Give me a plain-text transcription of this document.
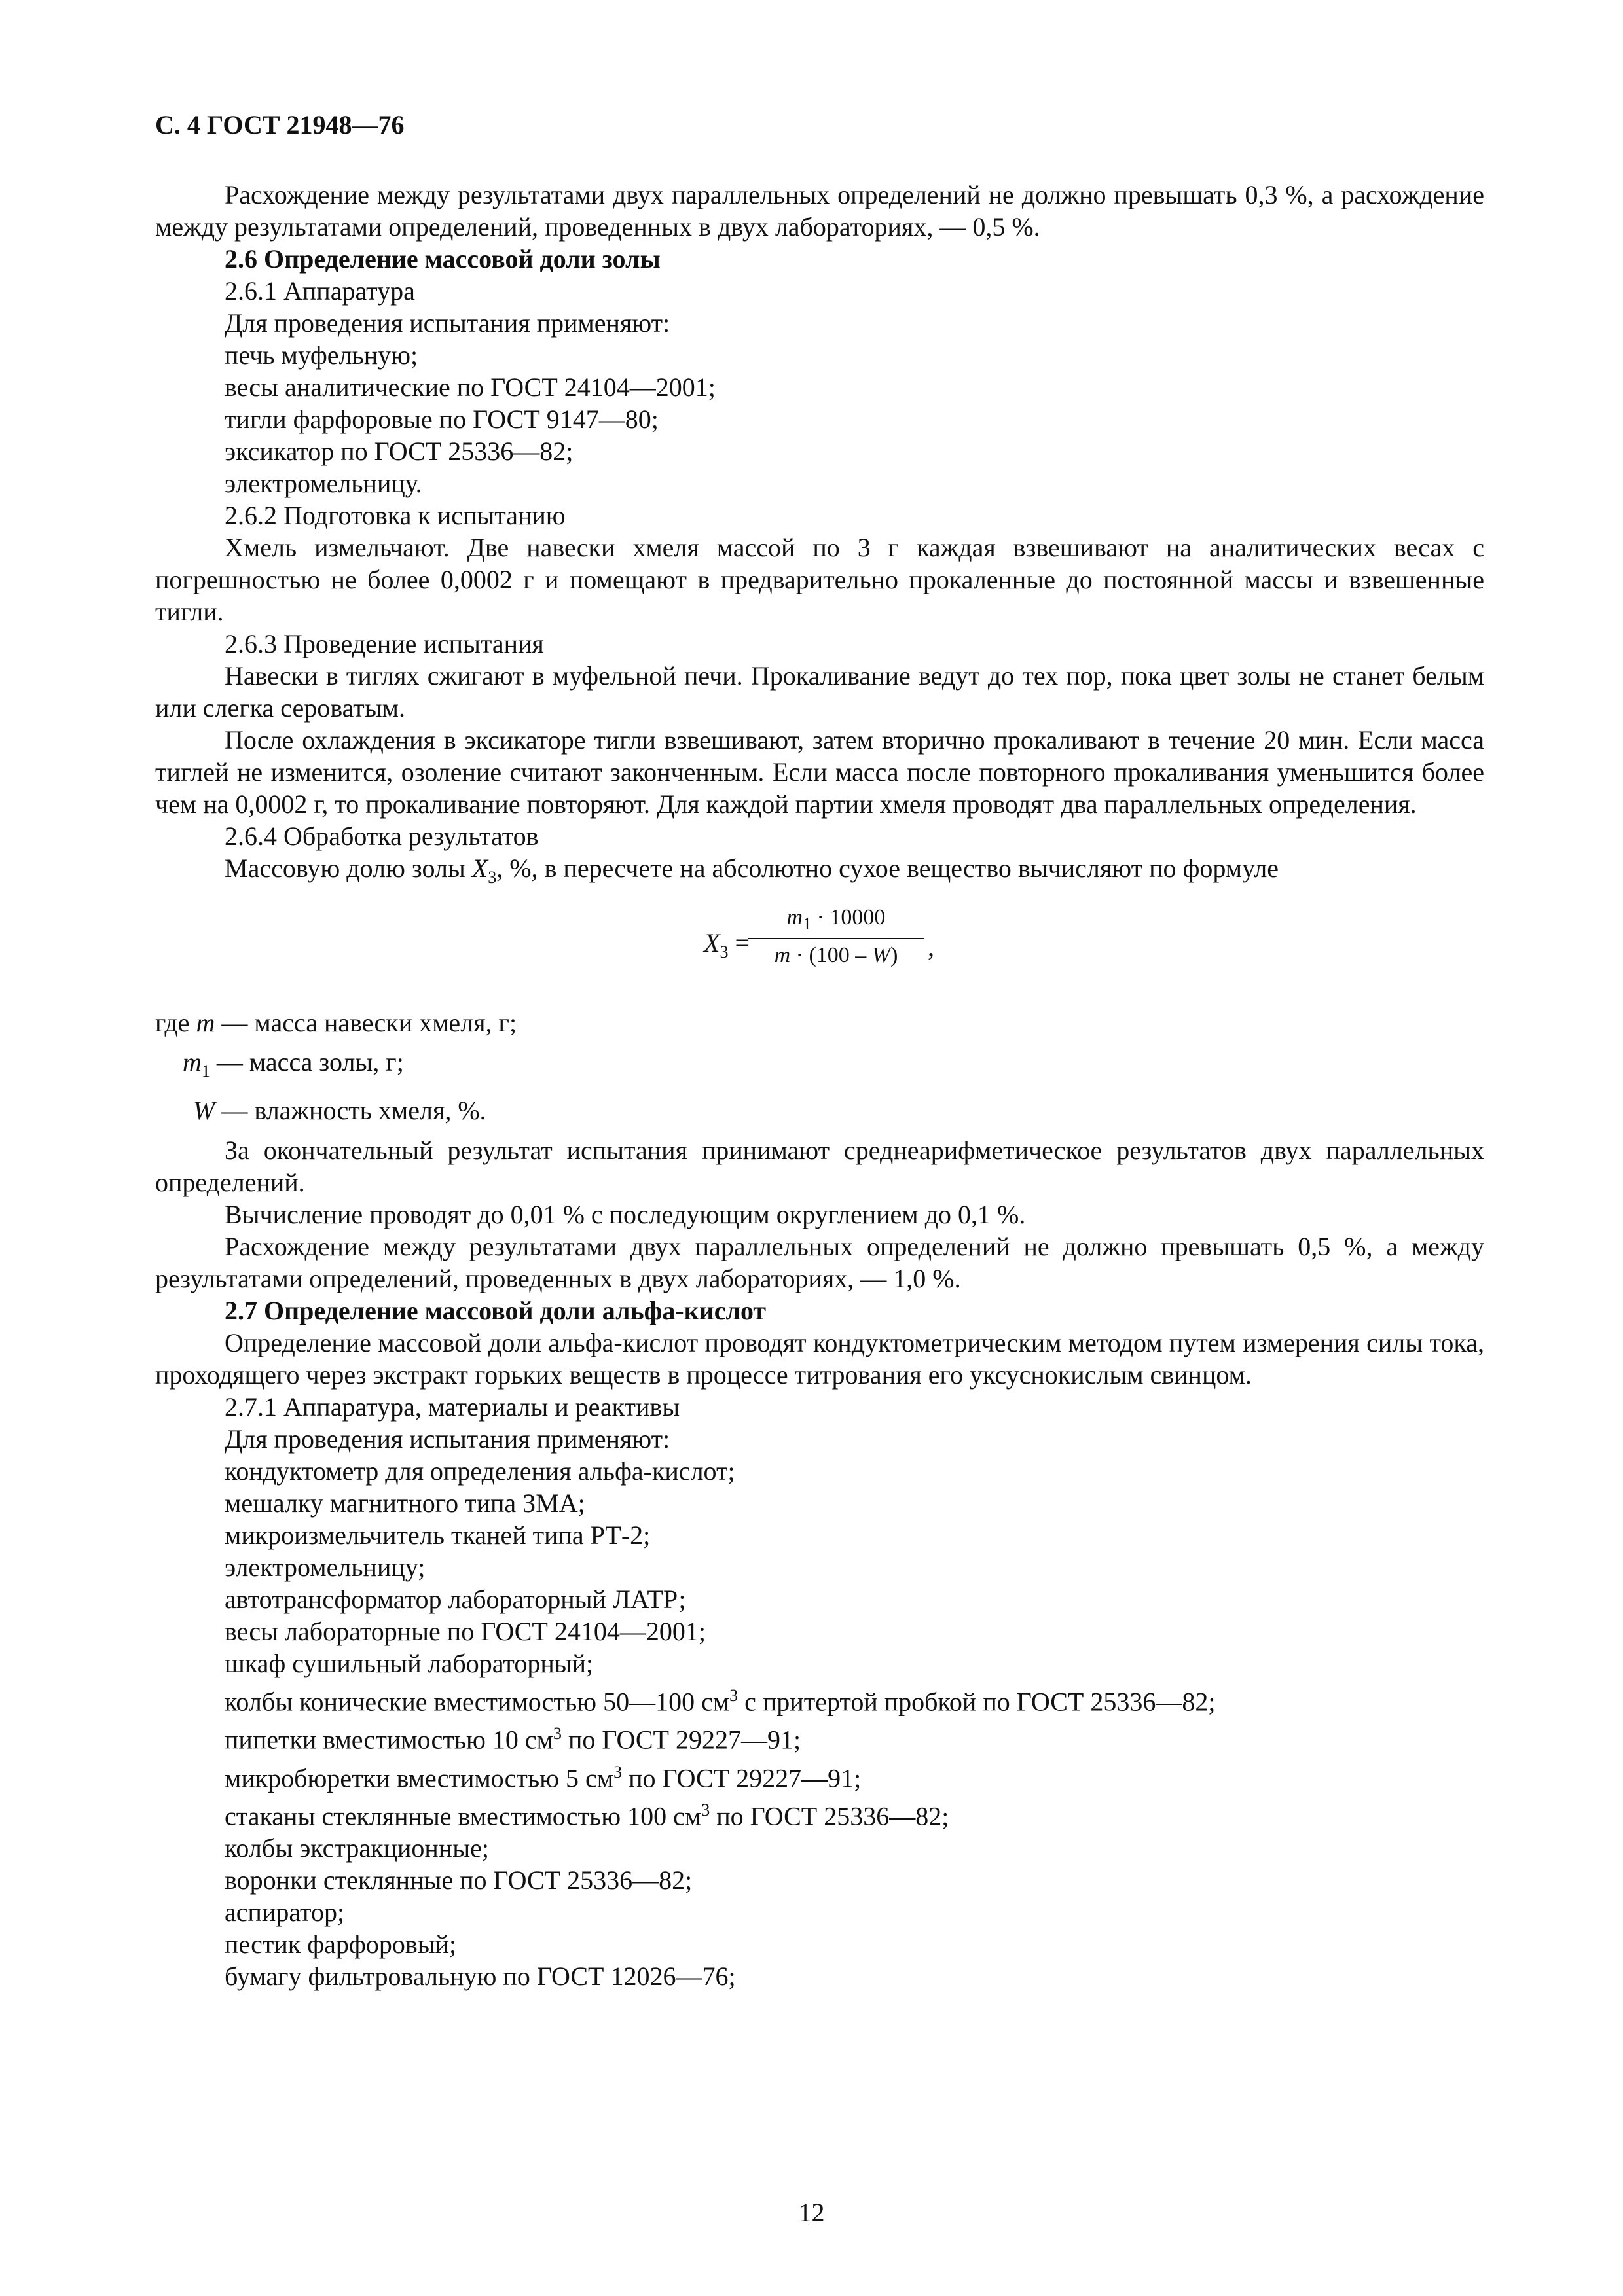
С. 4 ГОСТ 21948—76

Расхождение между результатами двух параллельных определений не должно превышать 0,3 %, а расхождение между результатами определений, проведенных в двух лабораториях, — 0,5 %.

2.6 Определение массовой доли золы

2.6.1 Аппаратура

Для проведения испытания применяют:

печь муфельную;

весы аналитические по ГОСТ 24104—2001;

тигли фарфоровые по ГОСТ 9147—80;

эксикатор по ГОСТ 25336—82;

электромельницу.

2.6.2 Подготовка к испытанию

Хмель измельчают. Две навески хмеля массой по 3 г каждая взвешивают на аналитических весах с погрешностью не более 0,0002 г и помещают в предварительно прокаленные до постоянной массы и взвешенные тигли.

2.6.3 Проведение испытания

Навески в тиглях сжигают в муфельной печи. Прокаливание ведут до тех пор, пока цвет золы не станет белым или слегка сероватым.

После охлаждения в эксикаторе тигли взвешивают, затем вторично прокаливают в течение 20 мин. Если масса тиглей не изменится, озоление считают законченным. Если масса после повторного прокаливания уменьшится более чем на 0,0002 г, то прокаливание повторяют. Для каждой партии хмеля проводят два параллельных определения.

2.6.4 Обработка результатов

Массовую долю золы $X_3$, %, в пересчете на абсолютно сухое вещество вычисляют по формуле

$X_3$ =
$\frac{m_1 \cdot 10000}{m \cdot (100 - W)}$ ,
где m — масса навески хмеля, г;
$m_1$ — масса золы, г;
W — влажность хмеля, %.

За окончательный результат испытания принимают среднеарифметическое результатов двух параллельных определений.

Вычисление проводят до 0,01 % с последующим округлением до 0,1 %.

Расхождение между результатами двух параллельных определений не должно превышать 0,5 %, а между результатами определений, проведенных в двух лабораториях, — 1,0 %.

2.7 Определение массовой доли альфа-кислот

Определение массовой доли альфа-кислот проводят кондуктометрическим методом путем измерения силы тока, проходящего через экстракт горьких веществ в процессе титрования его уксуснокислым свинцом.

2.7.1 Аппаратура, материалы и реактивы

Для проведения испытания применяют:

кондуктометр для определения альфа-кислот;

мешалку магнитного типа ЗМА;

микроизмельчитель тканей типа РТ-2;

электромельницу;

автотрансформатор лабораторный ЛАТР;

весы лабораторные по ГОСТ 24104—2001;

шкаф сушильный лабораторный;

колбы конические вместимостью 50—100 $см^3$ с притертой пробкой по ГОСТ 25336—82;

пипетки вместимостью 10 $см^3$ по ГОСТ 29227—91;

микробюретки вместимостью 5 $см^3$ по ГОСТ 29227—91;

стаканы стеклянные вместимостью 100 $см^3$ по ГОСТ 25336—82;

колбы экстракционные;

воронки стеклянные по ГОСТ 25336—82;

аспиратор;

пестик фарфоровый;

бумагу фильтровальную по ГОСТ 12026—76;

12
